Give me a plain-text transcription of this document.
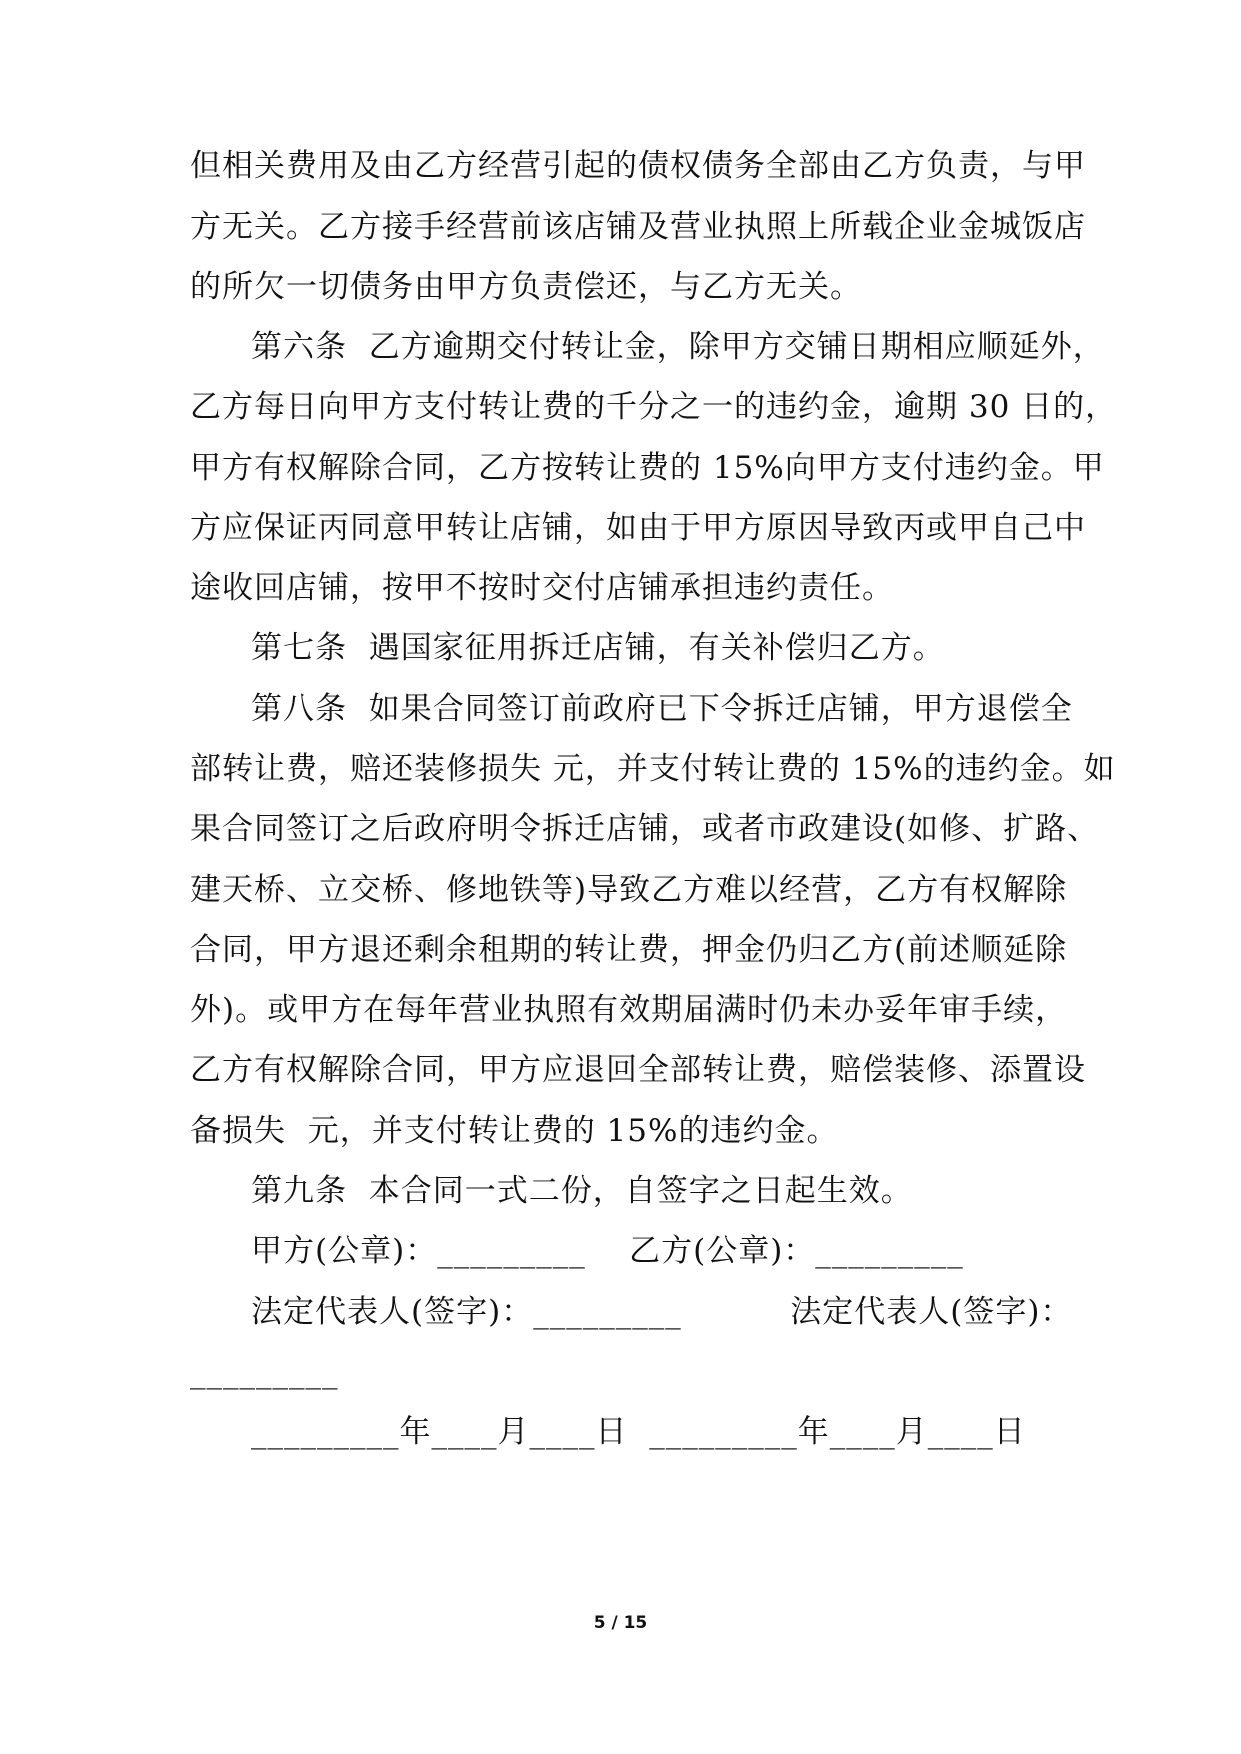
但相关费用及由乙方经营引起的债权债务全部由乙方负责，与甲
方无关。乙方接手经营前该店铺及营业执照上所载企业金城饭店
的所欠一切债务由甲方负责偿还，与乙方无关。
第六条  乙方逾期交付转让金，除甲方交铺日期相应顺延外，
乙方每日向甲方支付转让费的千分之一的违约金，逾期 30 日的，
甲方有权解除合同，乙方按转让费的 15%向甲方支付违约金。甲
方应保证丙同意甲转让店铺，如由于甲方原因导致丙或甲自己中
途收回店铺，按甲不按时交付店铺承担违约责任。
第七条  遇国家征用拆迁店铺，有关补偿归乙方。
第八条  如果合同签订前政府已下令拆迁店铺，甲方退偿全
部转让费，赔还装修损失 元，并支付转让费的 15%的违约金。如
果合同签订之后政府明令拆迁店铺，或者市政建设(如修、扩路、
建天桥、立交桥、修地铁等)导致乙方难以经营，乙方有权解除
合同，甲方退还剩余租期的转让费，押金仍归乙方(前述顺延除
外)。或甲方在每年营业执照有效期届满时仍未办妥年审手续，
乙方有权解除合同，甲方应退回全部转让费，赔偿装修、添置设
备损失  元，并支付转让费的 15%的违约金。
第九条  本合同一式二份，自签字之日起生效。
甲方(公章)：_________    乙方(公章)：_________
法定代表人(签字)：_________          法定代表人(签字)：
_________
_________年____月____日  _________年____月____日
5 / 15
